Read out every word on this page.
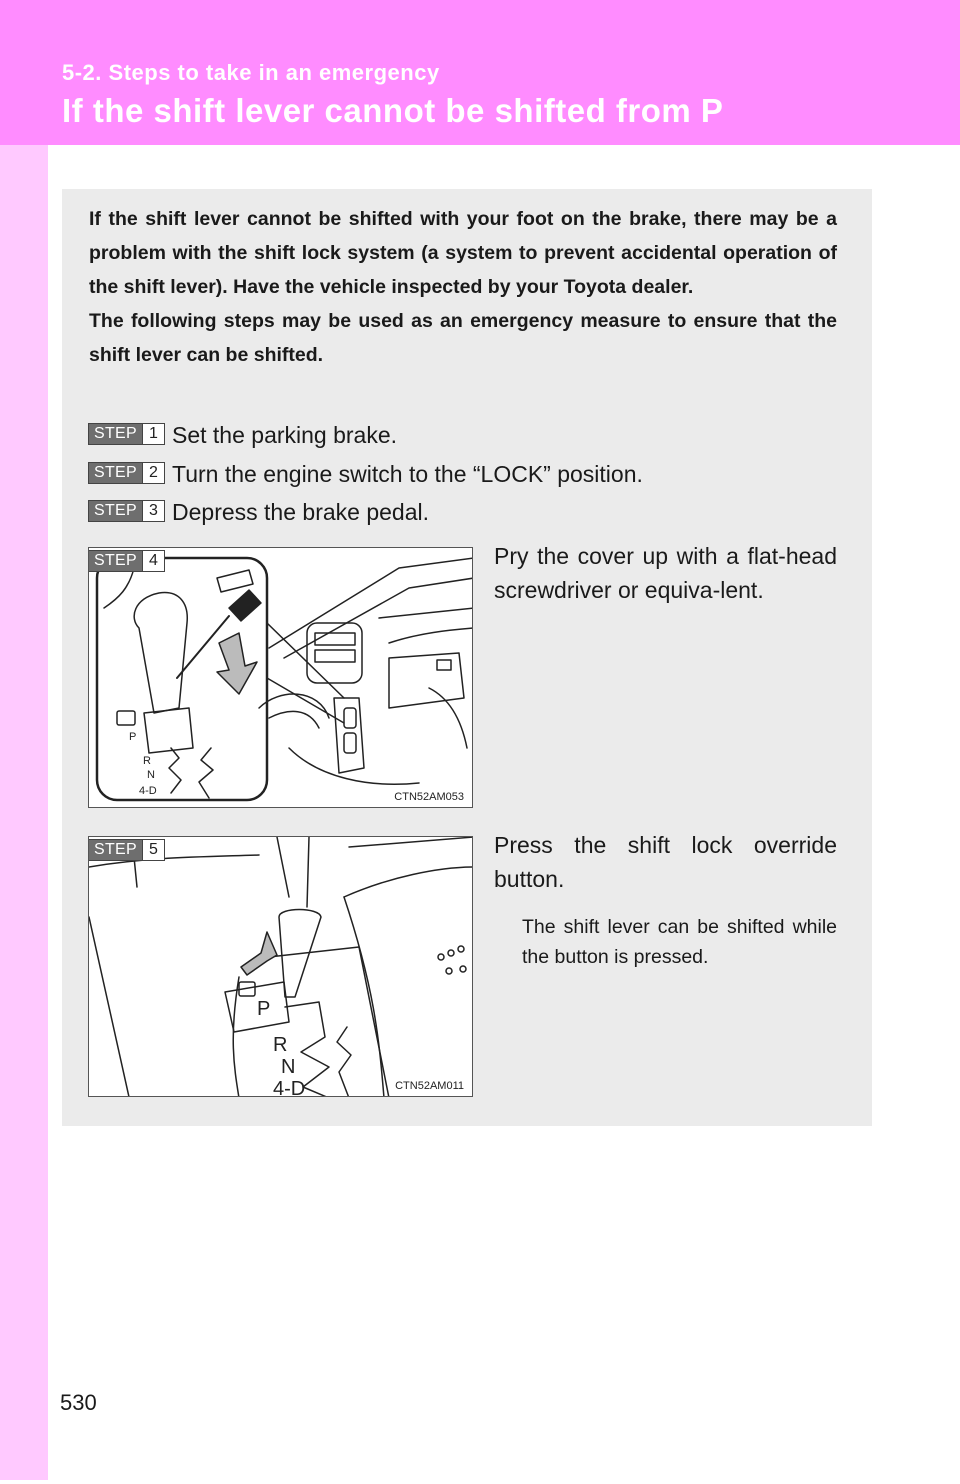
5-2. Steps to take in an emergency
If the shift lever cannot be shifted from P

If the shift lever cannot be shifted with your foot on the brake, there may be a problem with the shift lock system (a system to prevent accidental operation of the shift lever). Have the vehicle inspected by your Toyota dealer.

The following steps may be used as an emergency measure to ensure that the shift lever can be shifted.

STEP 1 Set the parking brake.
STEP 2 Turn the engine switch to the “LOCK” position.
STEP 3 Depress the brake pedal.
P
R
N
4-D
STEP 4
CTN52AM053
Pry the cover up with a flat-head screwdriver or equiva-lent.
P
R
N
4-D
STEP 5
CTN52AM011
Press the shift lock override button.
The shift lever can be shifted while the button is pressed.
530
